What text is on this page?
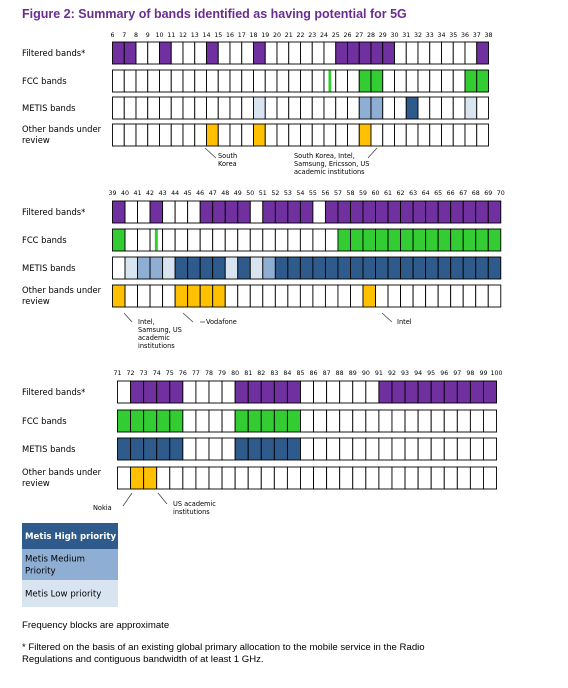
Figure 2: Summary of bands identified as having potential for 5G
6 7 8 9 10 11 12 13 14 15 16 17 18 19 20 21 22 23 24 25 26 27 28 29 30 31 32 33 34 35 36 37 38
Filtered bands*
FCC bands
METIS bands
Other bands under
review
South
Korea
South Korea, Intel,
Samsung, Ericsson, US
academic institutions
39 40 41 42 43 44 45 46 47 48 49 50 51 52 53 54 55 56 57 58 59 60 61 62 63 64 65 66 67 68 69 70
Filtered bands*
FCC bands
METIS bands
Other bands under
review
Intel,
Samsung, US
academic
institutions
Vodafone	Intel
71 72 73 74 75 76 77 78 79 80 81 82 83 84 85 86 87 88 89 90 91 92 93 94 95 96 97 98 99 100
Filtered bands*
FCC bands
METIS bands
Other bands under
review
Nokia	US academic
institutions
Metis High priority
Metis Medium
Priority
Metis Low priority
Frequency blocks are approximate
* Filtered on the basis of an existing global primary allocation to the mobile service in the Radio
Regulations and contiguous bandwidth of at least 1 GHz.
